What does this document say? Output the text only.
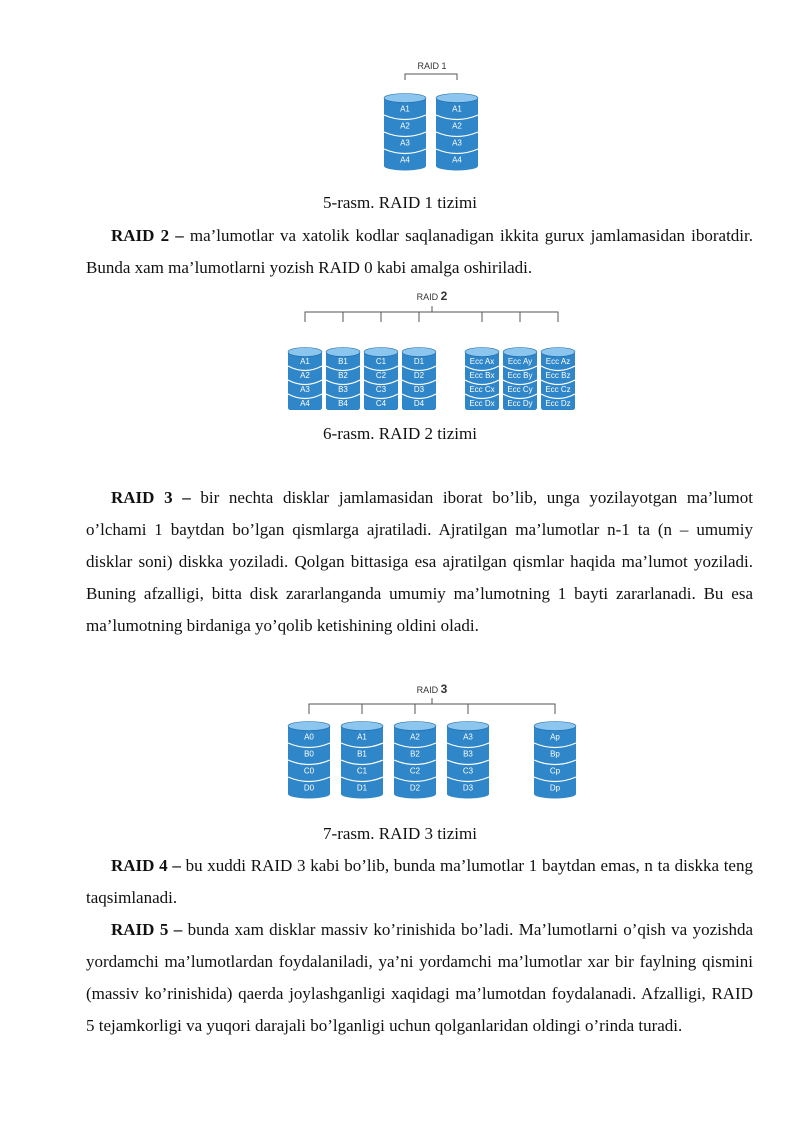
RAID 1
A1
A2
A3
A4
A1
A2
A3
A4
5-rasm. RAID 1 tizimi

RAID 2 – ma’lumotlar va xatolik kodlar saqlanadigan ikkita gurux jamlamasidan iboratdir. Bunda xam ma’lumotlarni yozish RAID 0 kabi amalga oshiriladi.

RAID 2
A1
A2
A3
A4
B1
B2
B3
B4
C1
C2
C3
C4
D1
D2
D3
D4
Ecc Ax
Ecc Bx
Ecc Cx
Ecc Dx
Ecc Ay
Ecc By
Ecc Cy
Ecc Dy
Ecc Az
Ecc Bz
Ecc Cz
Ecc Dz
6-rasm. RAID 2 tizimi

RAID 3 – bir nechta disklar jamlamasidan iborat bo’lib, unga yozilayotgan ma’lumot o’lchami 1 baytdan bo’lgan qismlarga ajratiladi. Ajratilgan ma’lumotlar n-1 ta (n – umumiy disklar soni) diskka yoziladi. Qolgan bittasiga esa ajratilgan qismlar haqida ma’lumot yoziladi. Buning afzalligi, bitta disk zararlanganda umumiy ma’lumotning 1 bayti zararlanadi. Bu esa ma’lumotning birdaniga yo’qolib ketishining oldini oladi.

RAID 3
A0
B0
C0
D0
A1
B1
C1
D1
A2
B2
C2
D2
A3
B3
C3
D3
Ap
Bp
Cp
Dp
7-rasm. RAID 3 tizimi

RAID 4 – bu xuddi RAID 3 kabi bo’lib, bunda ma’lumotlar 1 baytdan emas, n ta diskka teng taqsimlanadi.

RAID 5 – bunda xam disklar massiv ko’rinishida bo’ladi. Ma’lumotlarni o’qish va yozishda yordamchi ma’lumotlardan foydalaniladi, ya’ni yordamchi ma’lumotlar xar bir faylning qismini (massiv ko’rinishida) qaerda joylashganligi xaqidagi ma’lumotdan foydalanadi. Afzalligi, RAID 5 tejamkorligi va yuqori darajali bo’lganligi uchun qolganlaridan oldingi o’rinda turadi.
